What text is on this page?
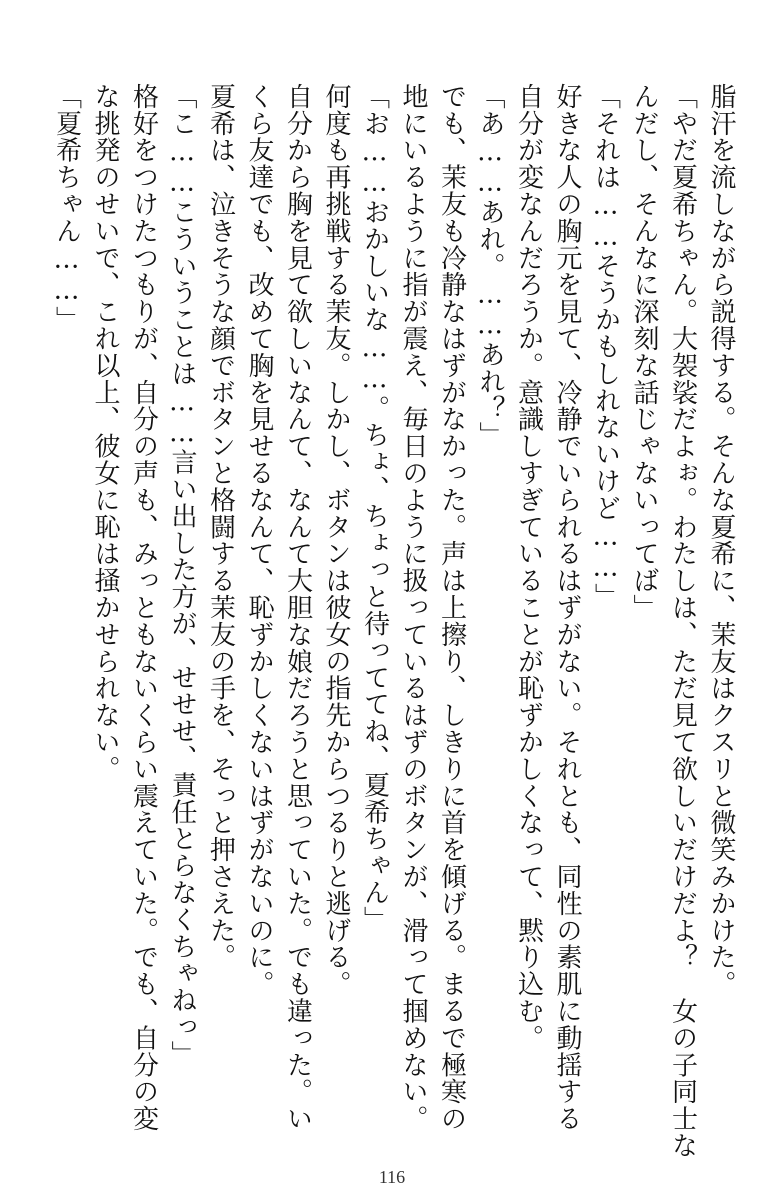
脂汗を流しながら説得する。そんな夏希に、茉友はクスリと微笑みかけた。
「やだ夏希ちゃん。大袈裟だよぉ。わたしは、ただ見て欲しいだけだよ？　女の子同士な
んだし、そんなに深刻な話じゃないってば」
「それは……そうかもしれないけど……」
好きな人の胸元を見て、冷静でいられるはずがない。それとも、同性の素肌に動揺する
自分が変なんだろうか。意識しすぎていることが恥ずかしくなって、黙り込む。
「あ……あれ。……あれ？」
でも、茉友も冷静なはずがなかった。声は上擦り、しきりに首を傾げる。まるで極寒の
地にいるように指が震え、毎日のように扱っているはずのボタンが、滑って掴めない。
「お……おかしいな……。ちょ、ちょっと待っててね、夏希ちゃん」
何度も再挑戦する茉友。しかし、ボタンは彼女の指先からつるりと逃げる。
自分から胸を見て欲しいなんて、なんて大胆な娘だろうと思っていた。でも違った。い
くら友達でも、改めて胸を見せるなんて、恥ずかしくないはずがないのに。
夏希は、泣きそうな顔でボタンと格闘する茉友の手を、そっと押さえた。
「こ……こういうことは……言い出した方が、せせせ、責任とらなくちゃねっ」
格好をつけたつもりが、自分の声も、みっともないくらい震えていた。でも、自分の変
な挑発のせいで、これ以上、彼女に恥は掻かせられない。
「夏希ちゃん……」
116
